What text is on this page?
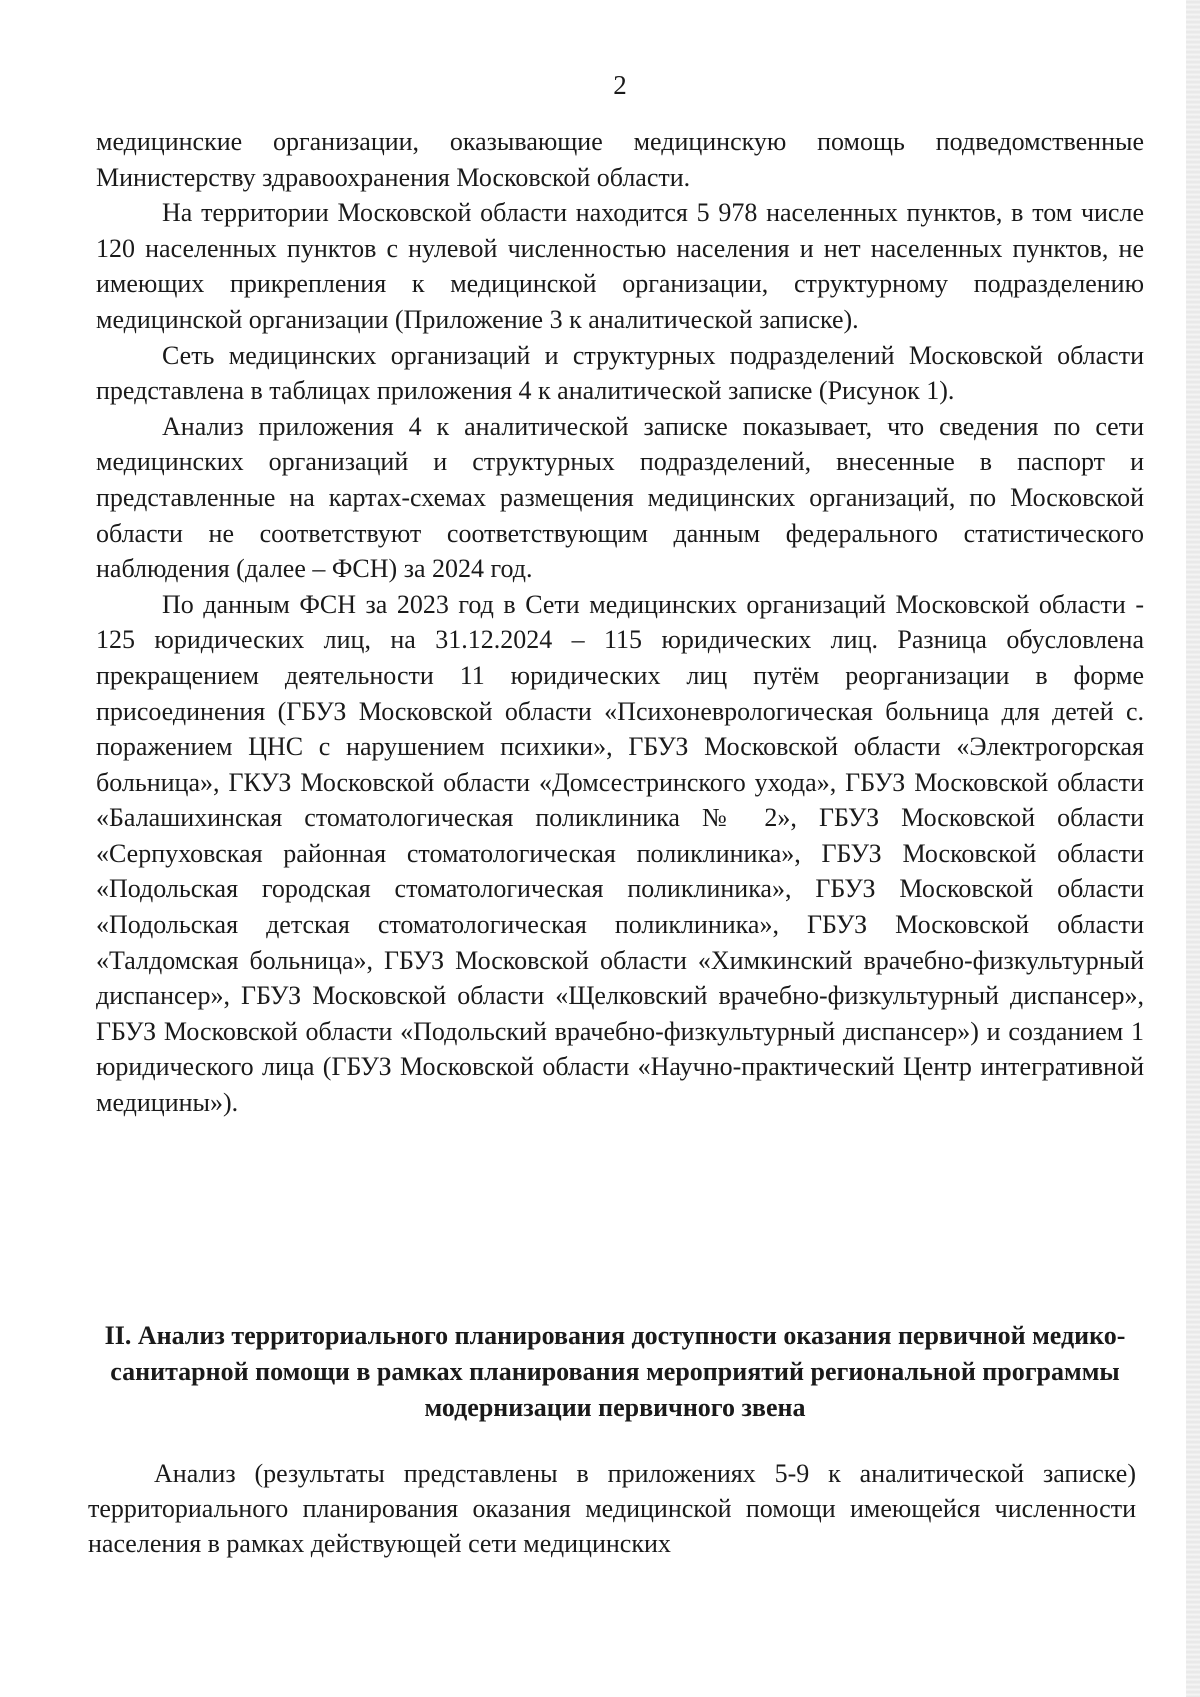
2

медицинские организации, оказывающие медицинскую помощь подведомственные Министерству здравоохранения Московской области.

На территории Московской области находится 5 978 населенных пунктов, в том числе 120 населенных пунктов с нулевой численностью населения и нет населенных пунктов, не имеющих прикрепления к медицинской организации, структурному подразделению медицинской организации (Приложение 3 к аналитической записке).

Сеть медицинских организаций и структурных подразделений Московской области представлена в таблицах приложения 4 к аналитической записке (Рисунок 1).

Анализ приложения 4 к аналитической записке показывает, что сведения по сети медицинских организаций и структурных подразделений, внесенные в паспорт и представленные на картах-схемах размещения медицинских организаций, по Московской области не соответствуют соответствующим данным федерального статистического наблюдения (далее – ФСН) за 2024 год.

По данным ФСН за 2023 год в Сети медицинских организаций Московской области - 125 юридических лиц, на 31.12.2024 – 115 юридических лиц. Разница обусловлена прекращением деятельности 11 юридических лиц путём реорганизации в форме присоединения (ГБУЗ Московской области «Психоневрологическая больница для детей с. поражением ЦНС с нарушением психики», ГБУЗ Московской области «Электрогорская больница», ГКУЗ Московской области «Домсестринского ухода», ГБУЗ Московской области «Балашихинская стоматологическая поликлиника № 2», ГБУЗ Московской области «Серпуховская районная стоматологическая поликлиника», ГБУЗ Московской области «Подольская городская стоматологическая поликлиника», ГБУЗ Московской области «Подольская детская стоматологическая поликлиника», ГБУЗ Московской области «Талдомская больница», ГБУЗ Московской области «Химкинский врачебно-физкультурный диспансер», ГБУЗ Московской области «Щелковский врачебно-физкультурный диспансер», ГБУЗ Московской области «Подольский врачебно-физкультурный диспансер») и созданием 1 юридического лица (ГБУЗ Московской области «Научно-практический Центр интегративной медицины»).

II. Анализ территориального планирования доступности оказания первичной медико-санитарной помощи в рамках планирования мероприятий региональной программы модернизации первичного звена

Анализ (результаты представлены в приложениях 5-9 к аналитической записке) территориального планирования оказания медицинской помощи имеющейся численности населения в рамках действующей сети медицинских
